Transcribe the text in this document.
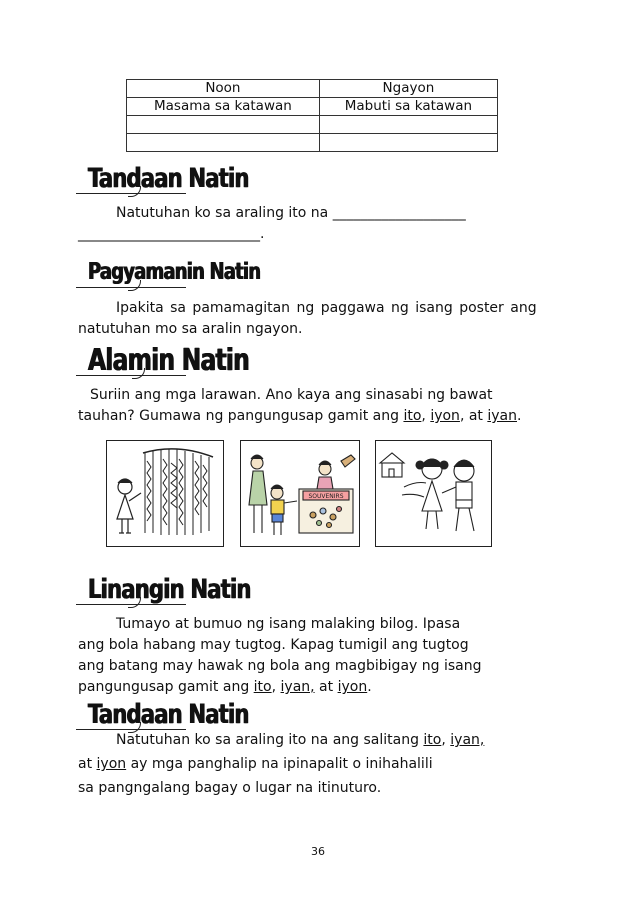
Noon	Ngayon
Masama sa katawan	Mabuti sa katawan

Tandaan Natin
Natutuhan ko sa araling ito na ___________________
__________________________.
Pagyamanin Natin
Ipakita sa pamamagitan ng paggawa ng isang poster ang
natutuhan mo sa aralin ngayon.
Alamin Natin
Suriin ang mga larawan. Ano kaya ang sinasabi ng bawat
tauhan? Gumawa ng pangungusap gamit ang ito, iyon, at iyan.
SOUVENIRS
Linangin Natin
Tumayo at bumuo ng isang malaking bilog. Ipasa
ang bola habang may tugtog. Kapag tumigil ang tugtog
ang batang may hawak ng bola ang magbibigay ng isang
pangungusap gamit ang ito, iyan, at iyon.
Tandaan Natin
Natutuhan ko sa araling ito na ang salitang ito, iyan,
at iyon ay mga panghalip na ipinapalit o inihahalili
sa pangngalang bagay o lugar na itinuturo.
36
